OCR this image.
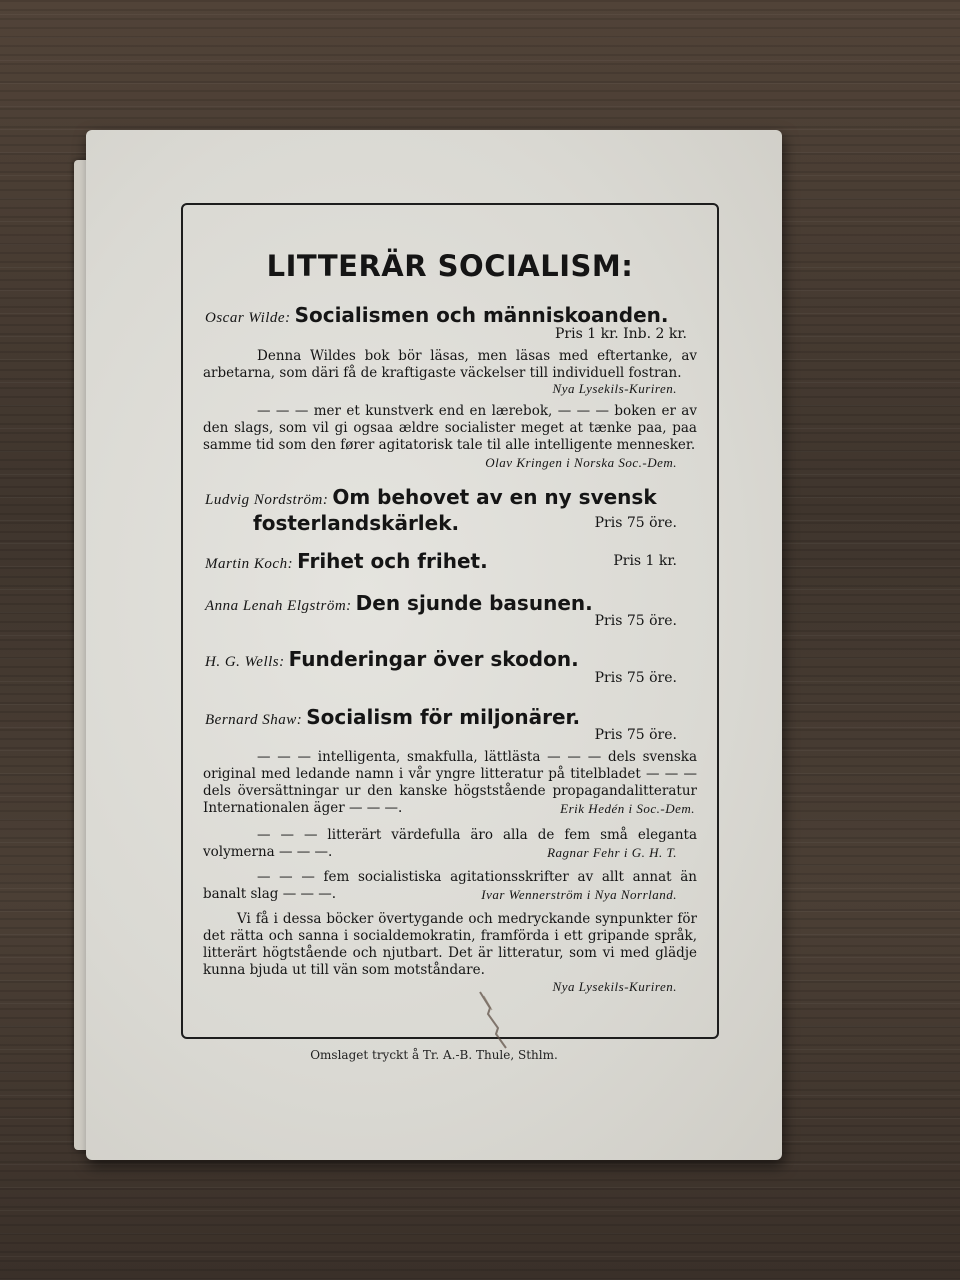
LITTERÄR SOCIALISM:
Oscar Wilde: Socialismen och människoanden.
Pris 1 kr. Inb. 2 kr.
Denna Wildes bok bör läsas, men läsas med eftertanke, av arbetarna, som däri få de kraftigaste väckelser till individuell fostran.
Nya Lysekils-Kuriren.
— — — mer et kunstverk end en lærebok, — — — boken er av den slags, som vil gi ogsaa ældre socialister meget at tænke paa, paa samme tid som den fører agitatorisk tale til alle intelligente mennesker.
Olav Kringen i Norska Soc.-Dem.
Ludvig Nordström: Om behovet av en ny svensk
fosterlandskärlek.	Pris 75 öre.
Martin Koch: Frihet och frihet.	Pris 1 kr.
Anna Lenah Elgström: Den sjunde basunen.
Pris 75 öre.
H. G. Wells: Funderingar över skodon.
Pris 75 öre.
Bernard Shaw: Socialism för miljonärer.
Pris 75 öre.
— — — intelligenta, smakfulla, lättlästa — — — dels svenska original med ledande namn i vår yngre litteratur på titelbladet — — — dels översättningar ur den kanske högststående propagandalitteratur Internationalen äger — — —.	Erik Hedén i Soc.-Dem.
— — — litterärt värdefulla äro alla de fem små eleganta volymerna — — —.	Ragnar Fehr i G. H. T.
— — — fem socialistiska agitationsskrifter av allt annat än banalt slag — — —.	Ivar Wennerström i Nya Norrland.
Vi få i dessa böcker övertygande och medryckande synpunkter för det rätta och sanna i socialdemokratin, framförda i ett gripande språk, litterärt högtstående och njutbart. Det är litteratur, som vi med glädje kunna bjuda ut till vän som motståndare.
Nya Lysekils-Kuriren.
Omslaget tryckt å Tr. A.-B. Thule, Sthlm.
